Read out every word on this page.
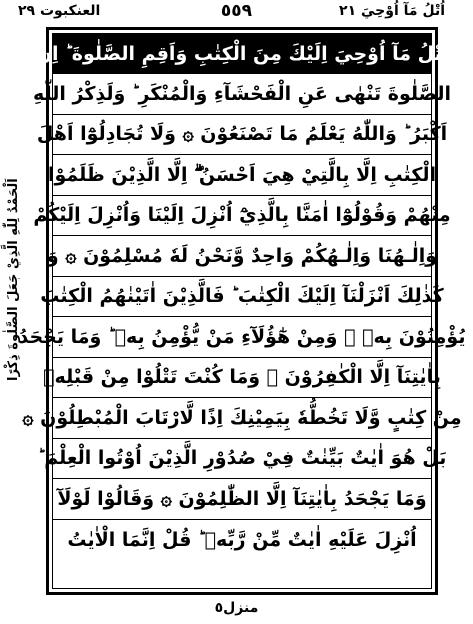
العنكبوت ٢٩	٥٥٩	اُتْلُ مَآ اُوْحِيَ ٢١
اَلْحَمْدُ لِلّٰهِ الَّذِيْ جَعَلَ الصَّلٰوةَ ذِكْرًا
اُتْلُ مَآ اُوْحِيَ اِلَيْكَ مِنَ الْكِتٰبِ وَاَقِمِ الصَّلٰوةَ ؕ اِنَّ
الصَّلٰوةَ تَنْهٰى عَنِ الْفَحْشَآءِ وَالْمُنْكَرِ ؕ وَلَذِكْرُ اللّٰهِ
اَكْبَرُ ؕ وَاللّٰهُ يَعْلَمُ مَا تَصْنَعُوْنَ ۞ وَلَا تُجَادِلُوْٓا اَهْلَ
الْكِتٰبِ اِلَّا بِالَّتِيْ هِيَ اَحْسَنُ ۖۗ اِلَّا الَّذِيْنَ ظَلَمُوْا
مِنْهُمْ وَقُوْلُوْٓا اٰمَنَّا بِالَّذِيْٓ اُنْزِلَ اِلَيْنَا وَاُنْزِلَ اِلَيْكُمْ
وَاِلٰـهُنَا وَاِلٰـهُكُمْ وَاحِدٌ وَّنَحْنُ لَهٗ مُسْلِمُوْنَ ۞ وَ
كَذٰلِكَ اَنْزَلْنَآ اِلَيْكَ الْكِتٰبَ ؕ فَالَّذِيْنَ اٰتَيْنٰهُمُ الْكِتٰبَ
يُؤْمِنُوْنَ بِهٖ ۚ وَمِنْ هٰٓؤُلَآءِ مَنْ يُّؤْمِنُ بِهٖ ؕ وَمَا يَجْحَدُ
بِاٰيٰتِنَآ اِلَّا الْكٰفِرُوْنَ ۞ وَمَا كُنْتَ تَتْلُوْا مِنْ قَبْلِهٖ
مِنْ كِتٰبٍ وَّلَا تَخُطُّهٗ بِيَمِيْنِكَ اِذًا لَّارْتَابَ الْمُبْطِلُوْنَ ۞
بَلْ هُوَ اٰيٰتٌ بَيِّنٰتٌ فِيْ صُدُوْرِ الَّذِيْنَ اُوْتُوا الْعِلْمَ ؕ
وَمَا يَجْحَدُ بِاٰيٰتِنَآ اِلَّا الظّٰلِمُوْنَ ۞ وَقَالُوْا لَوْلَآ
اُنْزِلَ عَلَيْهِ اٰيٰتٌ مِّنْ رَّبِّهٖ ؕ قُلْ اِنَّمَا الْاٰيٰتُ
منزل٥
